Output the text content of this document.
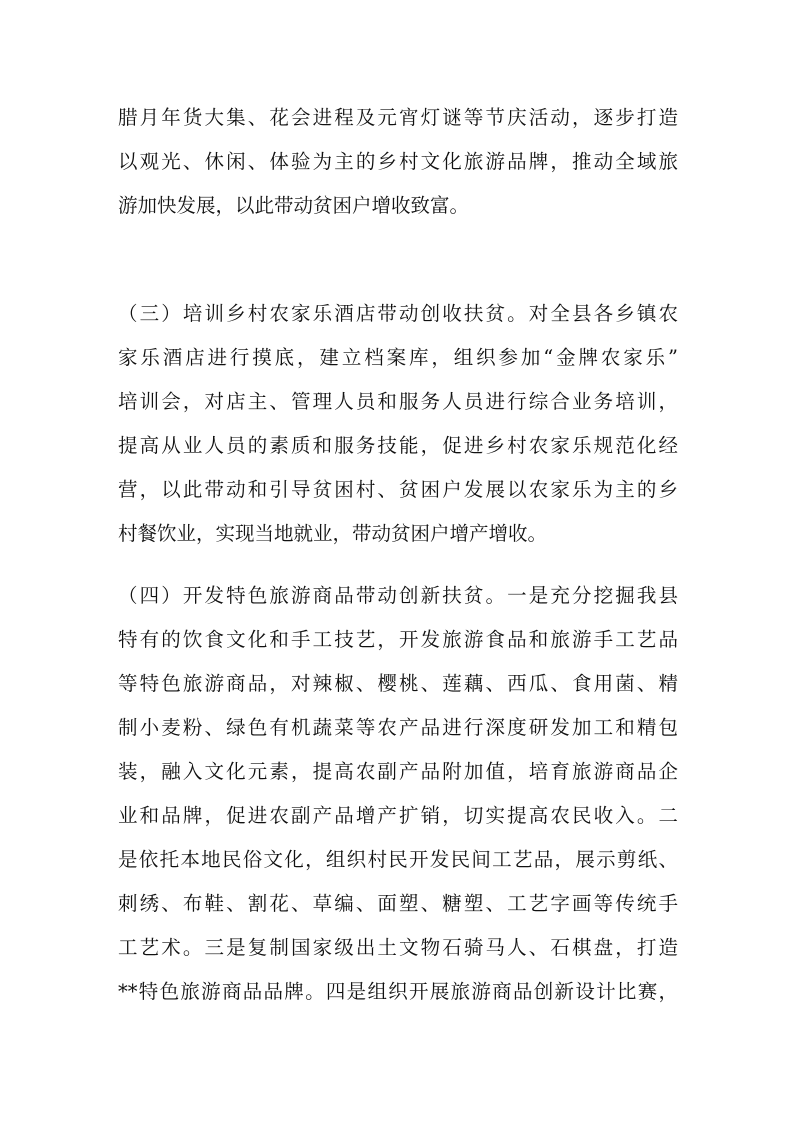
腊月年货大集、花会进程及元宵灯谜等节庆活动，逐步打造
以观光、休闲、体验为主的乡村文化旅游品牌，推动全域旅
游加快发展，以此带动贫困户增收致富。
（三）培训乡村农家乐酒店带动创收扶贫。对全县各乡镇农
家乐酒店进行摸底，建立档案库，组织参加“金牌农家乐”
培训会，对店主、管理人员和服务人员进行综合业务培训，
提高从业人员的素质和服务技能，促进乡村农家乐规范化经
营，以此带动和引导贫困村、贫困户发展以农家乐为主的乡
村餐饮业，实现当地就业，带动贫困户增产增收。
（四）开发特色旅游商品带动创新扶贫。一是充分挖掘我县
特有的饮食文化和手工技艺，开发旅游食品和旅游手工艺品
等特色旅游商品，对辣椒、樱桃、莲藕、西瓜、食用菌、精
制小麦粉、绿色有机蔬菜等农产品进行深度研发加工和精包
装，融入文化元素，提高农副产品附加值，培育旅游商品企
业和品牌，促进农副产品增产扩销，切实提高农民收入。二
是依托本地民俗文化，组织村民开发民间工艺品，展示剪纸、
刺绣、布鞋、割花、草编、面塑、糖塑、工艺字画等传统手
工艺术。三是复制国家级出土文物石骑马人、石棋盘，打造
**特色旅游商品品牌。四是组织开展旅游商品创新设计比赛，
